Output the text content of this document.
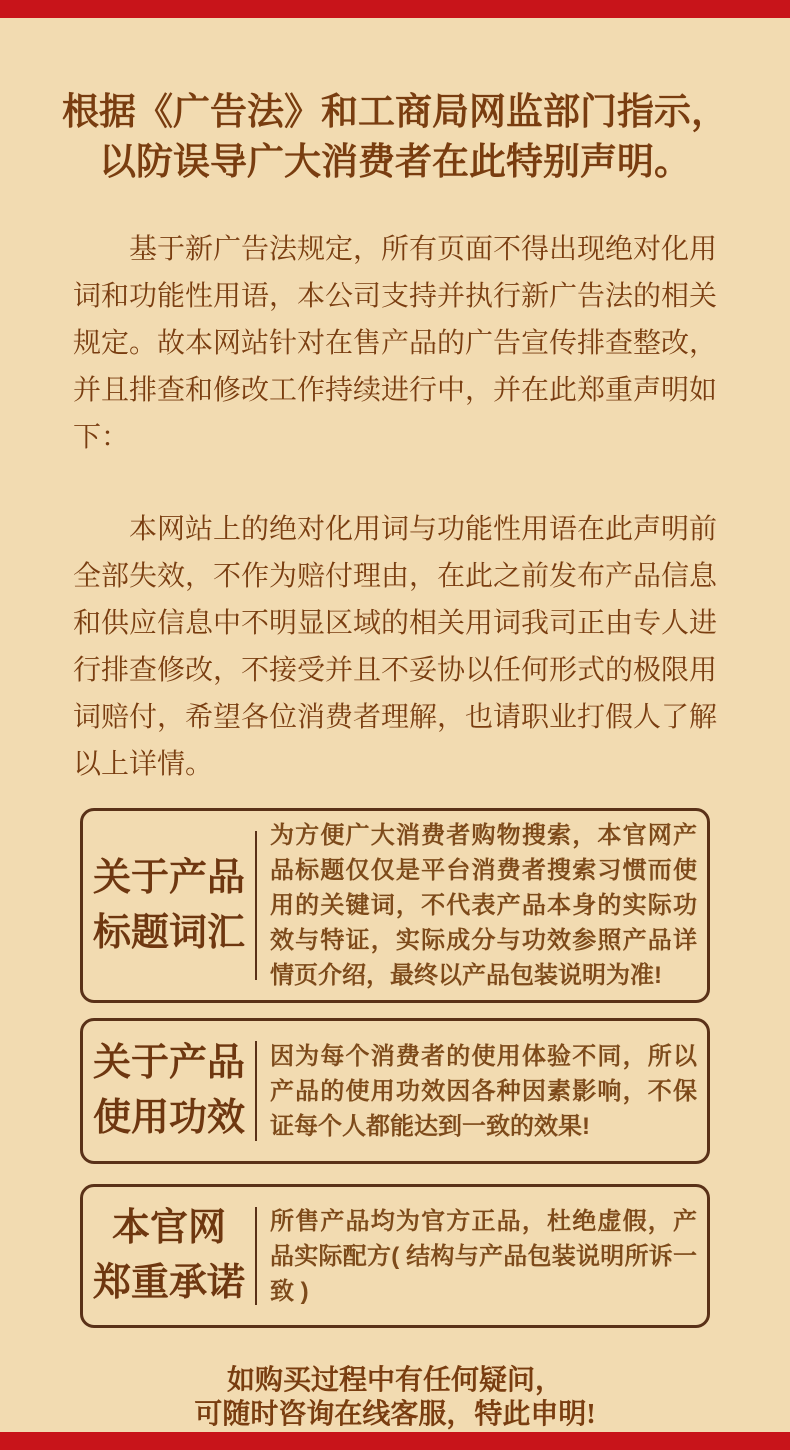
根据《广告法》和工商局网监部门指示，
以防误导广大消费者在此特别声明。

基于新广告法规定，所有页面不得出现绝对化用词和功能性用语，本公司支持并执行新广告法的相关规定。故本网站针对在售产品的广告宣传排查整改，并且排查和修改工作持续进行中，并在此郑重声明如下：

本网站上的绝对化用词与功能性用语在此声明前全部失效，不作为赔付理由，在此之前发布产品信息和供应信息中不明显区域的相关用词我司正由专人进行排查修改，不接受并且不妥协以任何形式的极限用词赔付，希望各位消费者理解，也请职业打假人了解以上详情。

关于产品
标题词汇
为方便广大消费者购物搜索，本官网产品标题仅仅是平台消费者搜索习惯而使用的关键词，不代表产品本身的实际功效与特证，实际成分与功效参照产品详情页介绍，最终以产品包装说明为准!
关于产品
使用功效
因为每个消费者的使用体验不同，所以产品的使用功效因各种因素影响，不保证每个人都能达到一致的效果!
本官网
郑重承诺
所售产品均为官方正品，杜绝虚假，产品实际配方( 结构与产品包装说明所诉一致 )
如购买过程中有任何疑问，
可随时咨询在线客服，特此申明!
